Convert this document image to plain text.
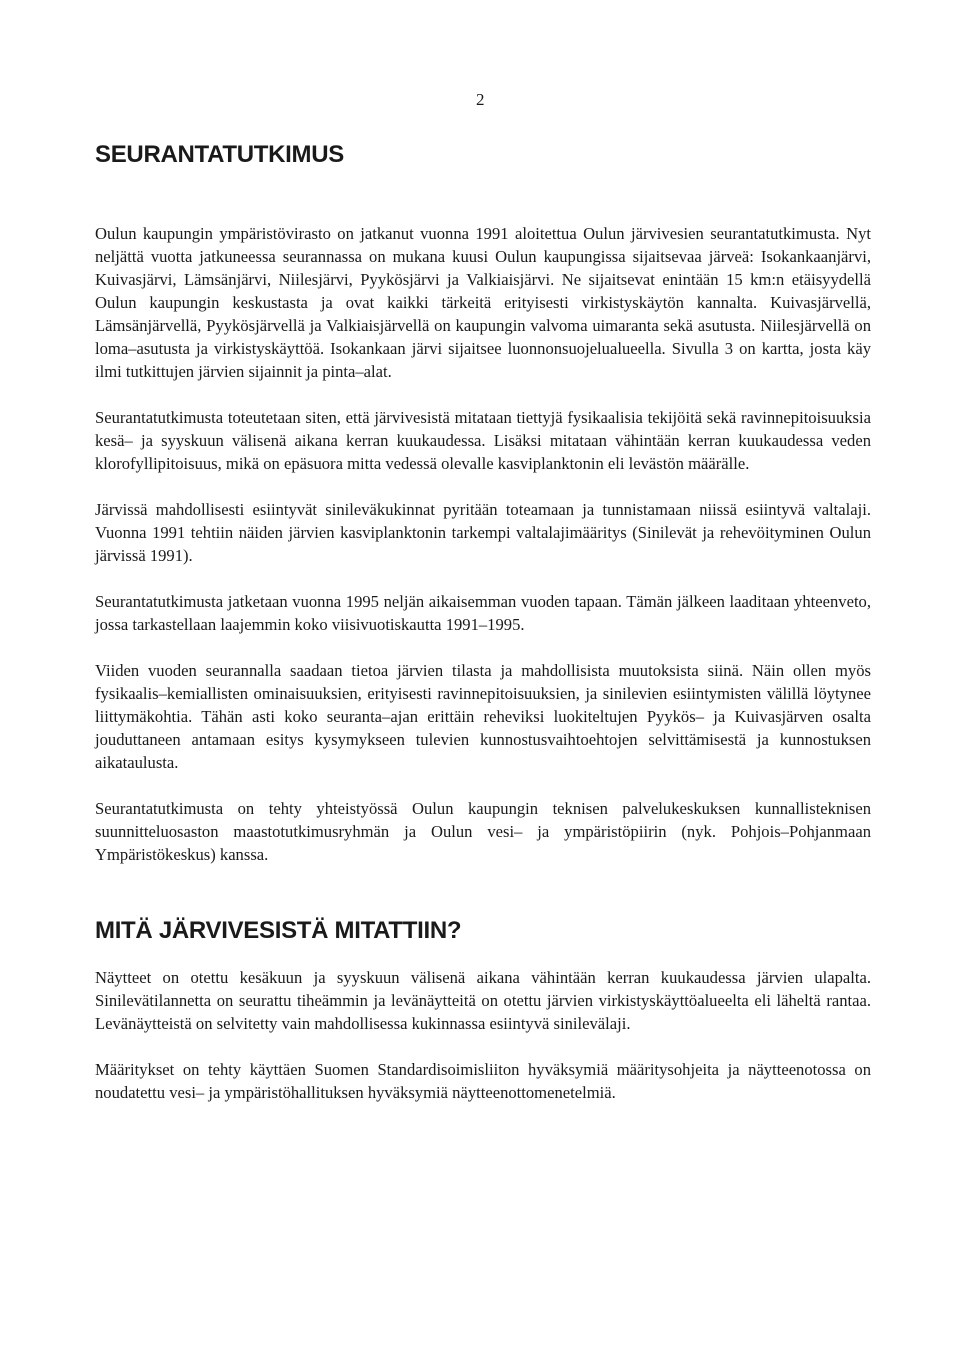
2
SEURANTATUTKIMUS

Oulun kaupungin ympäristövirasto on jatkanut vuonna 1991 aloitettua Oulun järvivesien seurantatutkimusta. Nyt neljättä vuotta jatkuneessa seurannassa on mukana kuusi Oulun kaupungissa sijaitsevaa järveä: Isokankaanjärvi, Kuivasjärvi, Lämsänjärvi, Niilesjärvi, Pyykösjärvi ja Valkiaisjärvi. Ne sijaitsevat enintään 15 km:n etäisyydellä Oulun kaupungin keskustasta ja ovat kaikki tärkeitä erityisesti virkistyskäytön kannalta. Kuivasjärvellä, Lämsänjärvellä, Pyykösjärvellä ja Valkiaisjärvellä on kaupungin valvoma uimaranta sekä asutusta. Niilesjärvellä on loma–asutusta ja virkistyskäyttöä. Isokankaan järvi sijaitsee luonnonsuojelualueella. Sivulla 3 on kartta, josta käy ilmi tutkittujen järvien sijainnit ja pinta–alat.

Seurantatutkimusta toteutetaan siten, että järvivesistä mitataan tiettyjä fysikaalisia tekijöitä sekä ravinnepitoisuuksia kesä– ja syyskuun välisenä aikana kerran kuukaudessa. Lisäksi mitataan vähintään kerran kuukaudessa veden klorofyllipitoisuus, mikä on epäsuora mitta vedessä olevalle kasviplanktonin eli levästön määrälle.

Järvissä mahdollisesti esiintyvät sinileväkukinnat pyritään toteamaan ja tunnistamaan niissä esiintyvä valtalaji. Vuonna 1991 tehtiin näiden järvien kasviplanktonin tarkempi valtalajimääritys (Sinilevät ja rehevöityminen Oulun järvissä 1991).

Seurantatutkimusta jatketaan vuonna 1995 neljän aikaisemman vuoden tapaan. Tämän jälkeen laaditaan yhteenveto, jossa tarkastellaan laajemmin koko viisivuotiskautta 1991–1995.

Viiden vuoden seurannalla saadaan tietoa järvien tilasta ja mahdollisista muutoksista siinä. Näin ollen myös fysikaalis–kemiallisten ominaisuuksien, erityisesti ravinnepitoisuuksien, ja sinilevien esiintymisten välillä löytynee liittymäkohtia. Tähän asti koko seuranta–ajan erittäin reheviksi luokiteltujen Pyykös– ja Kuivasjärven osalta jouduttaneen antamaan esitys kysymykseen tulevien kunnostusvaihtoehtojen selvittämisestä ja kunnostuksen aikataulusta.

Seurantatutkimusta on tehty yhteistyössä Oulun kaupungin teknisen palvelukeskuksen kunnallisteknisen suunnitteluosaston maastotutkimusryhmän ja Oulun vesi– ja ympäristöpiirin (nyk. Pohjois–Pohjanmaan Ympäristökeskus) kanssa.

MITÄ JÄRVIVESISTÄ MITATTIIN?

Näytteet on otettu kesäkuun ja syyskuun välisenä aikana vähintään kerran kuukaudessa järvien ulapalta. Sinilevätilannetta on seurattu tiheämmin ja levänäytteitä on otettu järvien virkistyskäyttöalueelta eli läheltä rantaa. Levänäytteistä on selvitetty vain mahdollisessa kukinnassa esiintyvä sinilevälaji.

Määritykset on tehty käyttäen Suomen Standardisoimisliiton hyväksymiä määritysohjeita ja näytteenotossa on noudatettu vesi– ja ympäristöhallituksen hyväksymiä näytteenottomenetelmiä.
